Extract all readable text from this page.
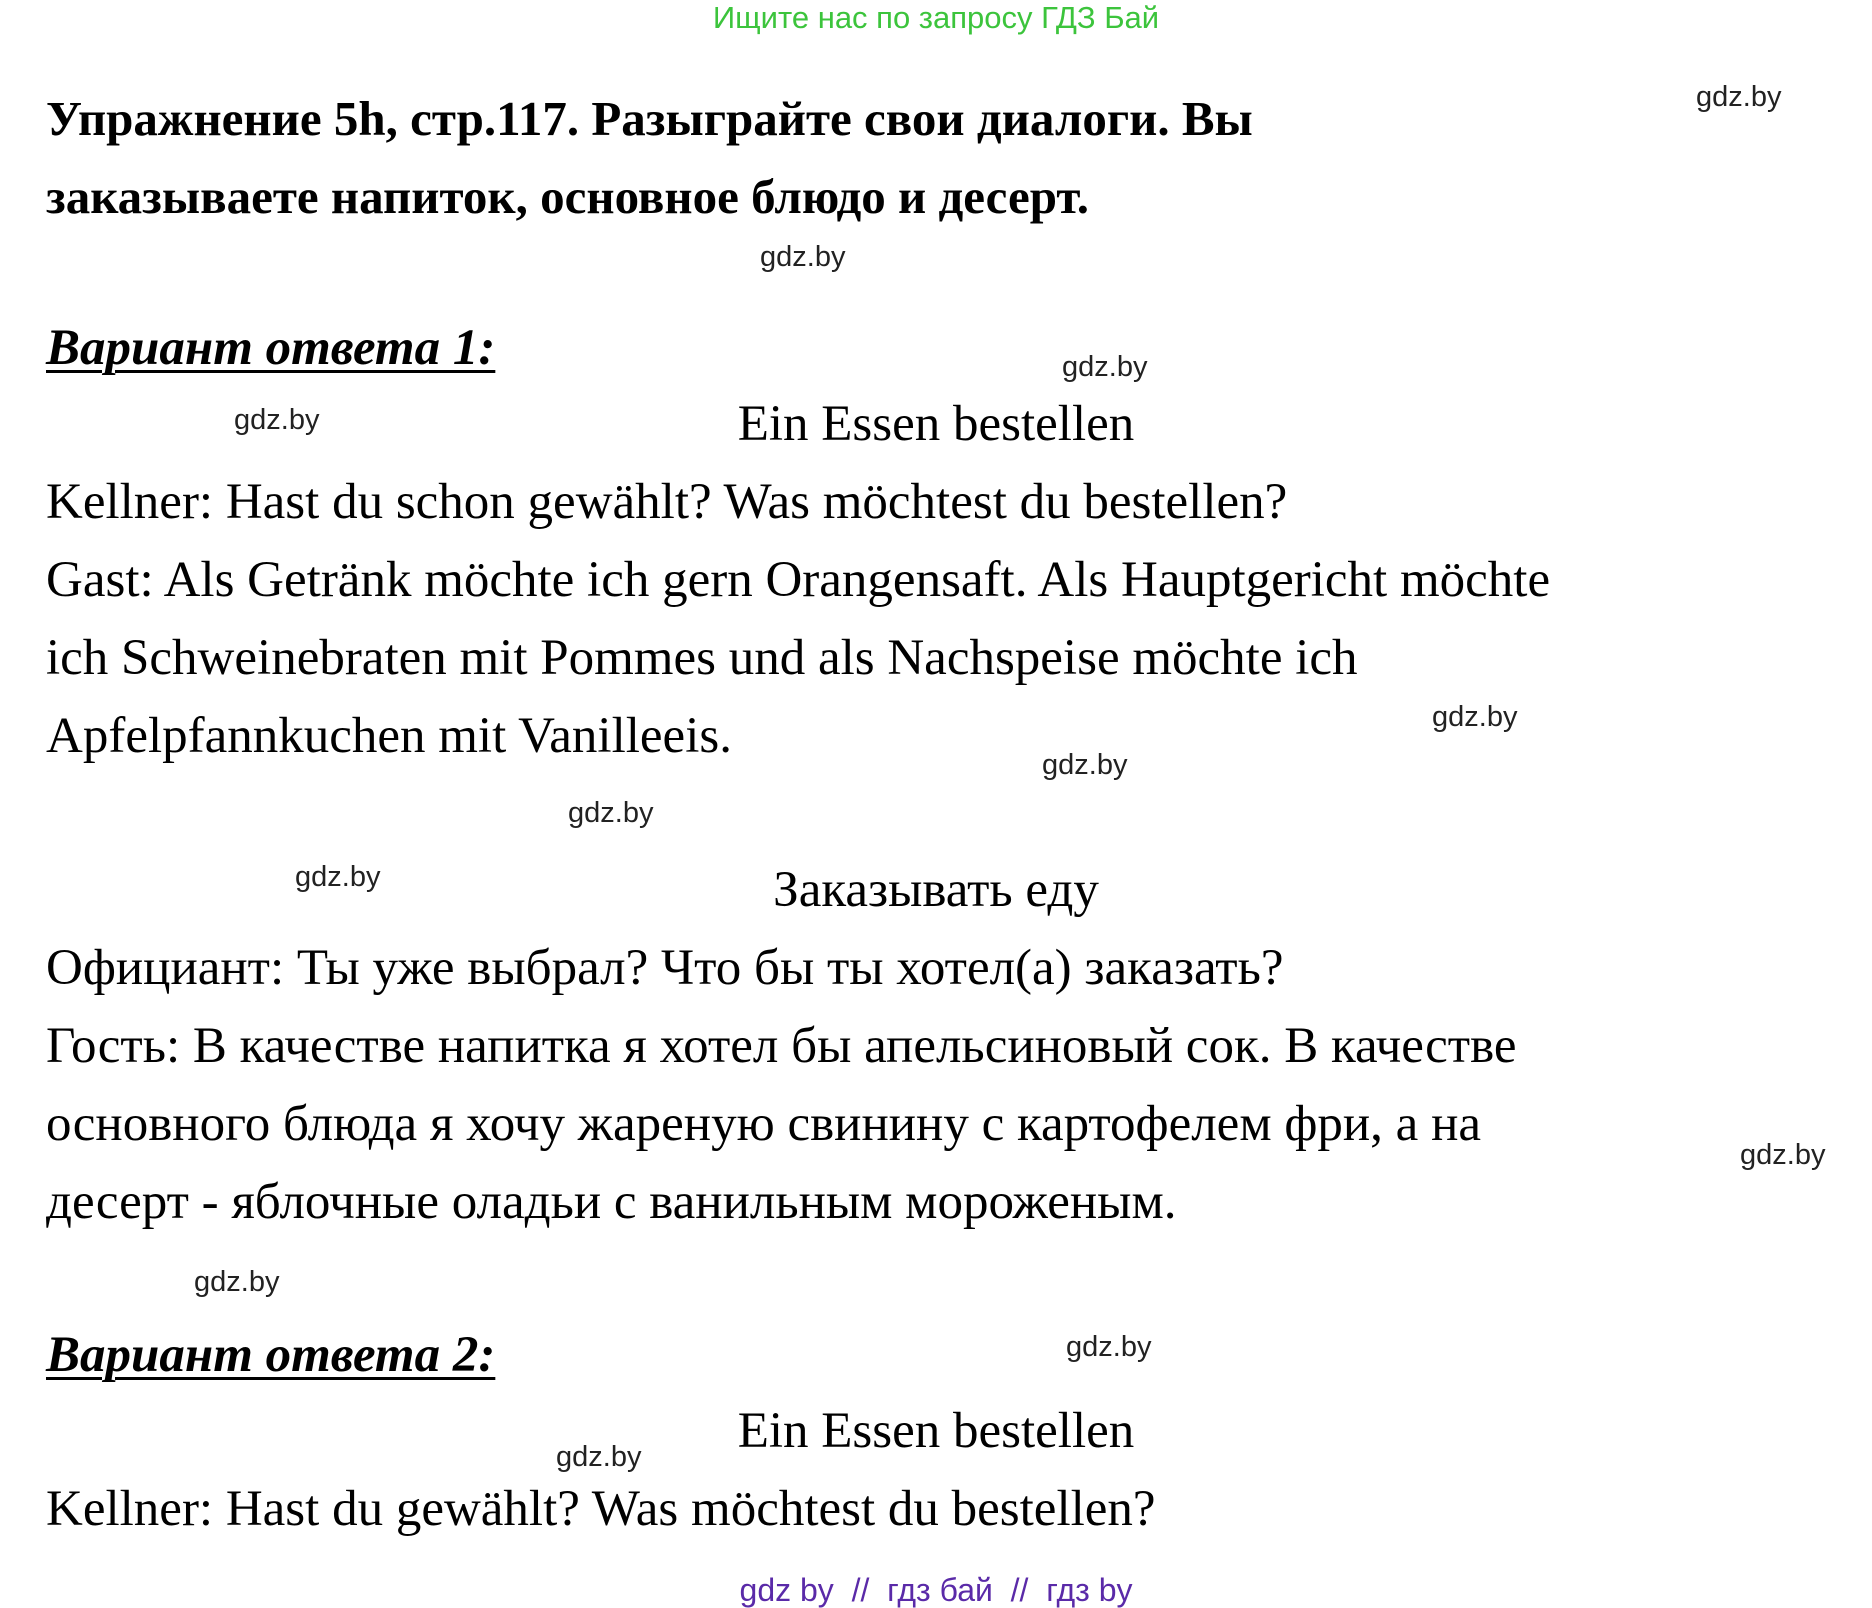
Ищите нас по запросу ГДЗ Бай
Упражнение 5h, стр.117. Разыграйте свои диалоги. Вы
заказываете напиток, основное блюдо и десерт.
Вариант ответа 1:
Ein Essen bestellen
Kellner: Hast du schon gewählt? Was möchtest du bestellen?
Gast: Als Getränk möchte ich gern Orangensaft. Als Hauptgericht möchte
ich Schweinebraten mit Pommes und als Nachspeise möchte ich
Apfelpfannkuchen mit Vanilleeis.
Заказывать еду
Официант: Ты уже выбрал? Что бы ты хотел(а) заказать?
Гость: В качестве напитка я хотел бы апельсиновый сок. В качестве
основного блюда я хочу жареную свинину с картофелем фри, а на
десерт - яблочные оладьи с ванильным мороженым.
Вариант ответа 2:
Ein Essen bestellen
Kellner: Hast du gewählt? Was möchtest du bestellen?
gdz.by
gdz.by
gdz.by
gdz.by
gdz.by
gdz.by
gdz.by
gdz.by
gdz.by
gdz.by
gdz.by
gdz.by
gdz by  //  гдз бай  //  гдз by
